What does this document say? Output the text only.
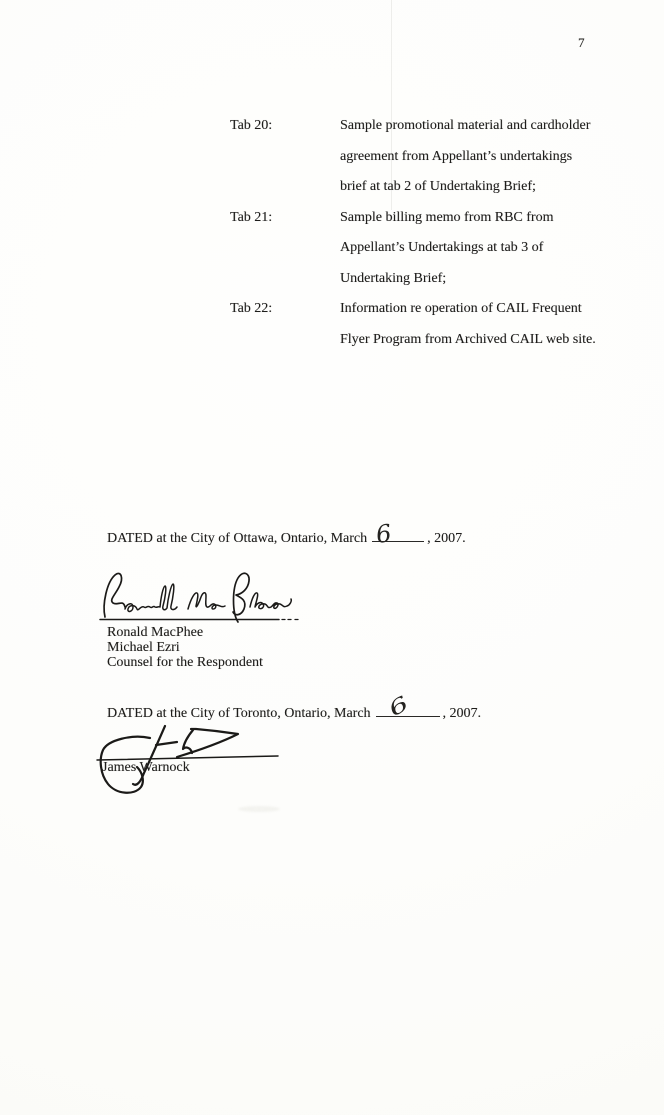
7
Tab 20:	Sample promotional material and cardholder
agreement from Appellant’s undertakings
brief at tab 2 of Undertaking Brief;
Tab 21:	Sample billing memo from RBC from
Appellant’s Undertakings at tab 3 of
Undertaking Brief;
Tab 22:	Information re operation of CAIL Frequent
Flyer Program from Archived CAIL web site.
DATED at the City of Ottawa, Ontario, March 6 , 2007.
Ronald MacPhee
Michael Ezri
Counsel for the Respondent
DATED at the City of Toronto, Ontario, March 6 , 2007.
James Warnock
